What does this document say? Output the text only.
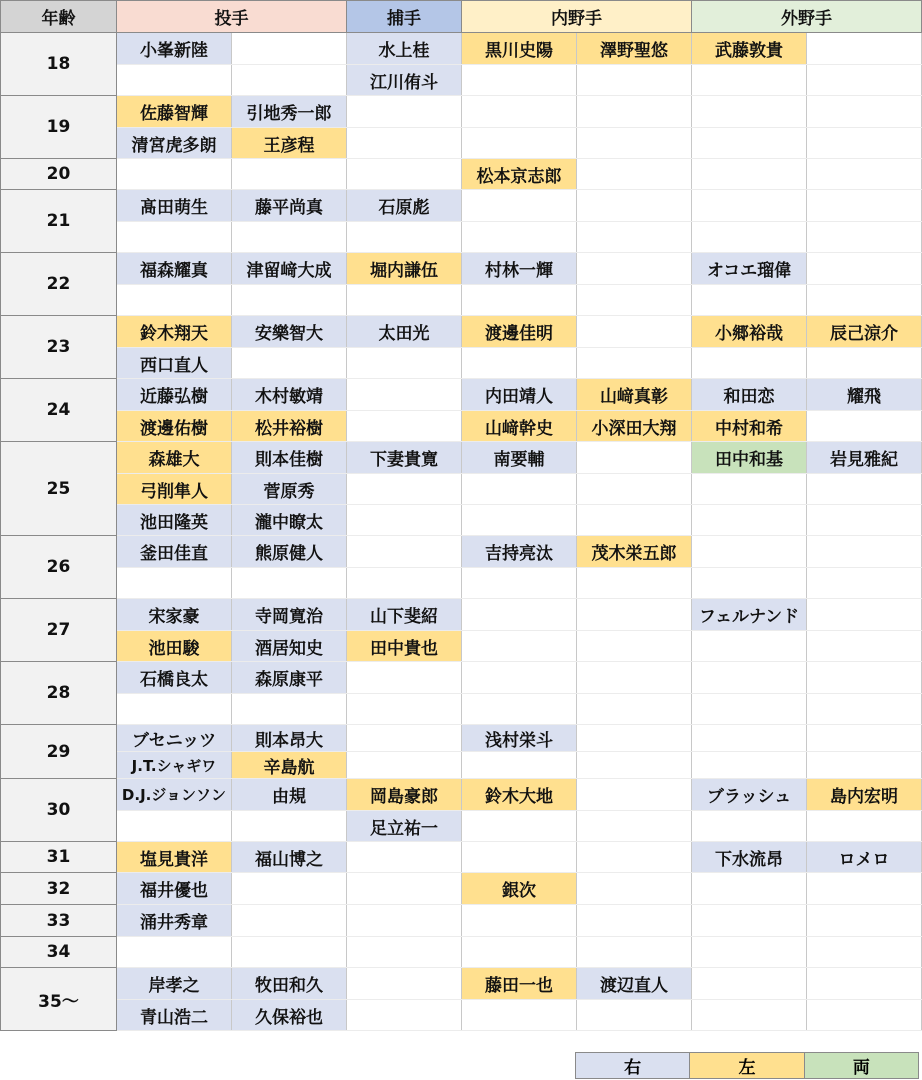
年齢	投手		捕手	内野手		外野手	
18	小峯新陸		水上桂	黒川史陽	澤野聖悠	武藤敦貴	
			江川侑斗				
19	佐藤智輝	引地秀一郎					
	清宮虎多朗	王彦程					
20				松本京志郎			
21	髙田萌生	藤平尚真	石原彪				

22	福森耀真	津留﨑大成	堀内謙伍	村林一輝		オコエ瑠偉	

23	鈴木翔天	安樂智大	太田光	渡邊佳明		小郷裕哉	辰己涼介
	西口直人						
24	近藤弘樹	木村敏靖		内田靖人	山﨑真彰	和田恋	耀飛
	渡邊佑樹	松井裕樹		山﨑幹史	小深田大翔	中村和希	
25	森雄大	則本佳樹	下妻貴寛	南要輔		田中和基	岩見雅紀
	弓削隼人	菅原秀					
	池田隆英	瀧中瞭太					
26	釜田佳直	熊原健人		吉持亮汰	茂木栄五郎		

27	宋家豪	寺岡寛治	山下斐紹			フェルナンド	
	池田駿	酒居知史	田中貴也				
28	石橋良太	森原康平					

29	ブセニッツ	則本昂大		浅村栄斗			
	J.T.シャギワ	辛島航					
30	D.J.ジョンソン	由規	岡島豪郎	鈴木大地		ブラッシュ	島内宏明
			足立祐一				
31	塩見貴洋	福山博之				下水流昂	ロメロ
32	福井優也			銀次			
33	涌井秀章						
34							
35～	岸孝之	牧田和久		藤田一也	渡辺直人		
	青山浩二	久保裕也					
右	左	両
